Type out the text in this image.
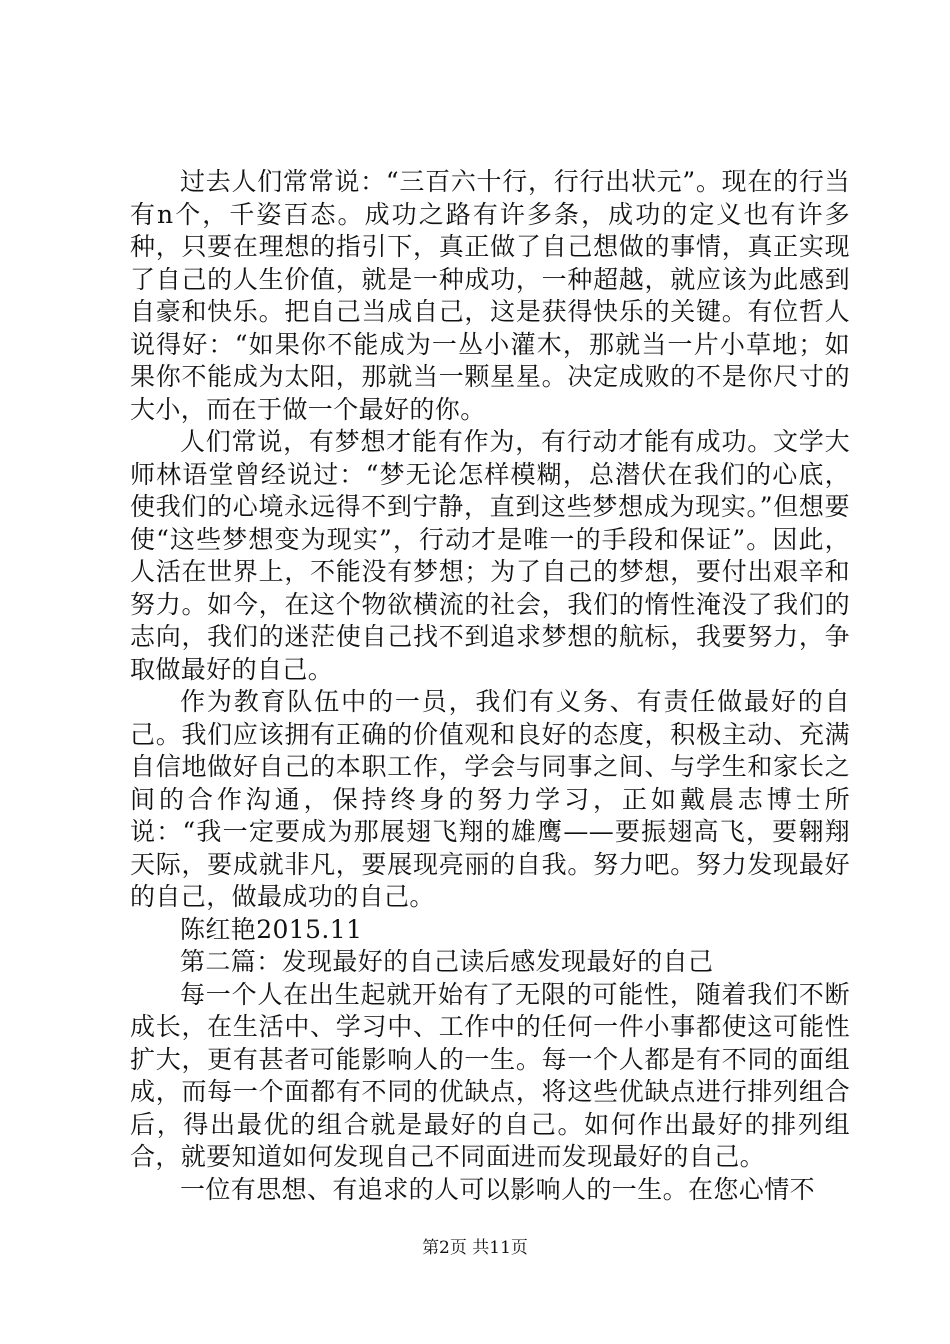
过去人们常常说：“三百六十行，行行出状元”。现在的行当有n个，千姿百态。成功之路有许多条，成功的定义也有许多种，只要在理想的指引下，真正做了自己想做的事情，真正实现了自己的人生价值，就是一种成功，一种超越，就应该为此感到自豪和快乐。把自己当成自己，这是获得快乐的关键。有位哲人说得好：“如果你不能成为一丛小灌木，那就当一片小草地；如果你不能成为太阳，那就当一颗星星。决定成败的不是你尺寸的大小，而在于做一个最好的你。

人们常说，有梦想才能有作为，有行动才能有成功。文学大师林语堂曾经说过：“梦无论怎样模糊，总潜伏在我们的心底，使我们的心境永远得不到宁静，直到这些梦想成为现实。”但想要使“这些梦想变为现实”，行动才是唯一的手段和保证”。因此，人活在世界上，不能没有梦想；为了自己的梦想，要付出艰辛和努力。如今，在这个物欲横流的社会，我们的惰性淹没了我们的志向，我们的迷茫使自己找不到追求梦想的航标，我要努力，争取做最好的自己。

作为教育队伍中的一员，我们有义务、有责任做最好的自己。我们应该拥有正确的价值观和良好的态度，积极主动、充满自信地做好自己的本职工作，学会与同事之间、与学生和家长之间的合作沟通，保持终身的努力学习，正如戴晨志博士所说：“我一定要成为那展翅飞翔的雄鹰——要振翅高飞，要翱翔天际，要成就非凡，要展现亮丽的自我。努力吧。努力发现最好的自己，做最成功的自己。

陈红艳2015.11

第二篇：发现最好的自己读后感发现最好的自己

每一个人在出生起就开始有了无限的可能性，随着我们不断成长，在生活中、学习中、工作中的任何一件小事都使这可能性扩大，更有甚者可能影响人的一生。每一个人都是有不同的面组成，而每一个面都有不同的优缺点，将这些优缺点进行排列组合后，得出最优的组合就是最好的自己。如何作出最好的排列组合，就要知道如何发现自己不同面进而发现最好的自己。

一位有思想、有追求的人可以影响人的一生。在您心情不

第2页 共11页
